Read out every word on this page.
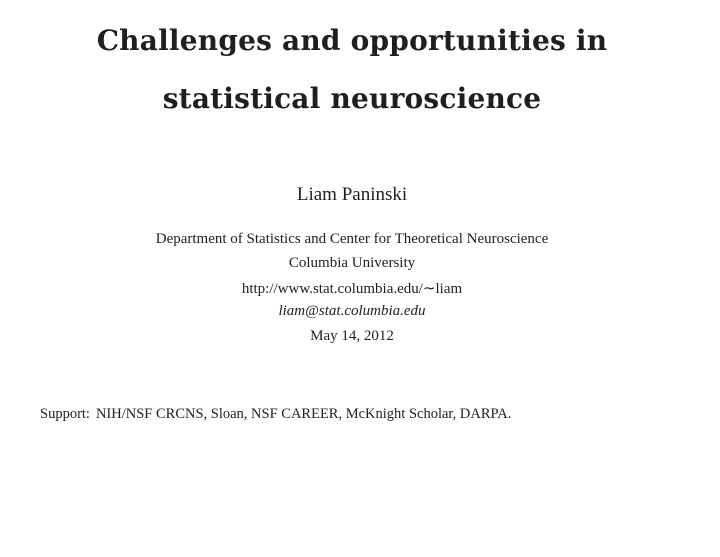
Challenges and opportunities in
statistical neuroscience
Liam Paninski
Department of Statistics and Center for Theoretical Neuroscience
Columbia University
http://www.stat.columbia.edu/∼liam
liam@stat.columbia.edu
May 14, 2012
Support: NIH/NSF CRCNS, Sloan, NSF CAREER, McKnight Scholar, DARPA.
